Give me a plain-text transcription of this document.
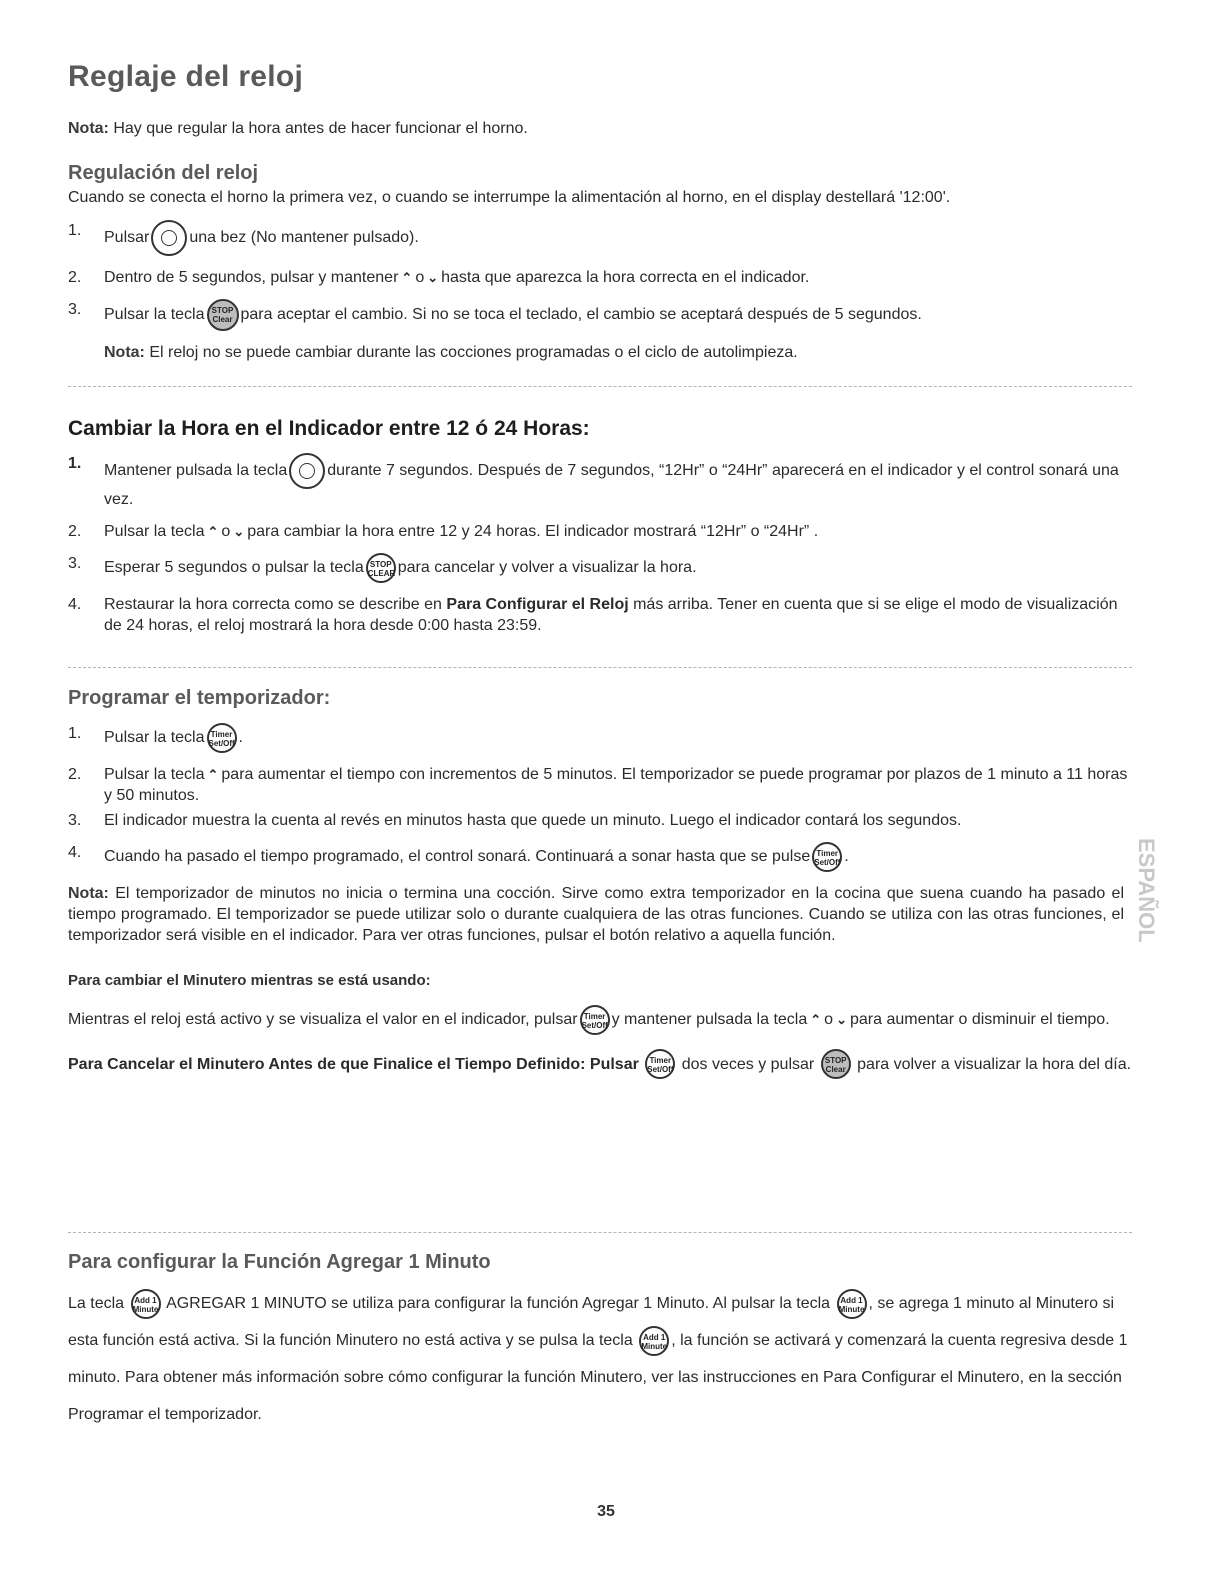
Reglaje del reloj
Nota: Hay que regular la hora antes de hacer funcionar el horno.
Regulación del reloj
Cuando se conecta el horno la primera vez, o cuando se interrumpe la alimentación al horno, en el display destellará '12:00'.
1. Pulsar	una bez (No mantener pulsado).
2. Dentro de 5 segundos, pulsar y mantener ⌃ o ⌄ hasta que aparezca la hora correcta en el indicador.
3. Pulsar la tecla STOP
Clear para aceptar el cambio. Si no se toca el teclado, el cambio se aceptará después de 5 segundos.
Nota: El reloj no se puede cambiar durante las cocciones programadas o el ciclo de autolimpieza.
Cambiar la Hora en el Indicador entre 12 ó 24 Horas:
1. Mantener pulsada la tecla	durante 7 segundos. Después de 7 segundos, “12Hr” o “24Hr” aparecerá en el indicador y el control sonará una vez.
2. Pulsar la tecla ⌃ o ⌄ para cambiar la hora entre 12 y 24 horas. El indicador mostrará “12Hr” o “24Hr” .
3. Esperar 5 segundos o pulsar la tecla STOP
CLEAR para cancelar y volver a visualizar la hora.
4. Restaurar la hora correcta como se describe en Para Configurar el Reloj más arriba. Tener en cuenta que si se elige el modo de visualización de 24 horas, el reloj mostrará la hora desde 0:00 hasta 23:59.
Programar el temporizador:
1. Pulsar la tecla Timer
Set/Off .
2. Pulsar la tecla ⌃ para aumentar el tiempo con incrementos de 5 minutos. El temporizador se puede programar por plazos de 1 minuto a 11 horas y 50 minutos.
3. El indicador muestra la cuenta al revés en minutos hasta que quede un minuto. Luego el indicador contará los segundos.
4. Cuando ha pasado el tiempo programado, el control sonará. Continuará a sonar hasta que se pulse Timer
Set/Off .
Nota: El temporizador de minutos no inicia o termina una cocción. Sirve como extra temporizador en la cocina que suena cuando ha pasado el tiempo programado. El temporizador se puede utilizar solo o durante cualquiera de las otras funciones. Cuando se utiliza con las otras funciones, el temporizador será visible en el indicador. Para ver otras funciones, pulsar el botón relativo a aquella función.
Para cambiar el Minutero mientras se está usando:
Mientras el reloj está activo y se visualiza el valor en el indicador, pulsar Timer
Set/Off y mantener pulsada la tecla ⌃ o ⌄ para aumentar o disminuir el tiempo.
Para Cancelar el Minutero Antes de que Finalice el Tiempo Definido: Pulsar Timer
Set/Off dos veces y pulsar STOP
Clear para volver a visualizar la hora del día.
Para configurar la Función Agregar 1 Minuto
La tecla Add 1
Minute AGREGAR 1 MINUTO se utiliza para configurar la función Agregar 1 Minuto. Al pulsar la tecla Add 1
Minute , se agrega 1 minuto al Minutero si esta función está activa. Si la función Minutero no está activa y se pulsa la tecla Add 1
Minute , la función se activará y comenzará la cuenta regresiva desde 1 minuto. Para obtener más información sobre cómo configurar la función Minutero, ver las instrucciones en Para Configurar el Minutero, en la sección Programar el temporizador.
ESPAÑOL
35
